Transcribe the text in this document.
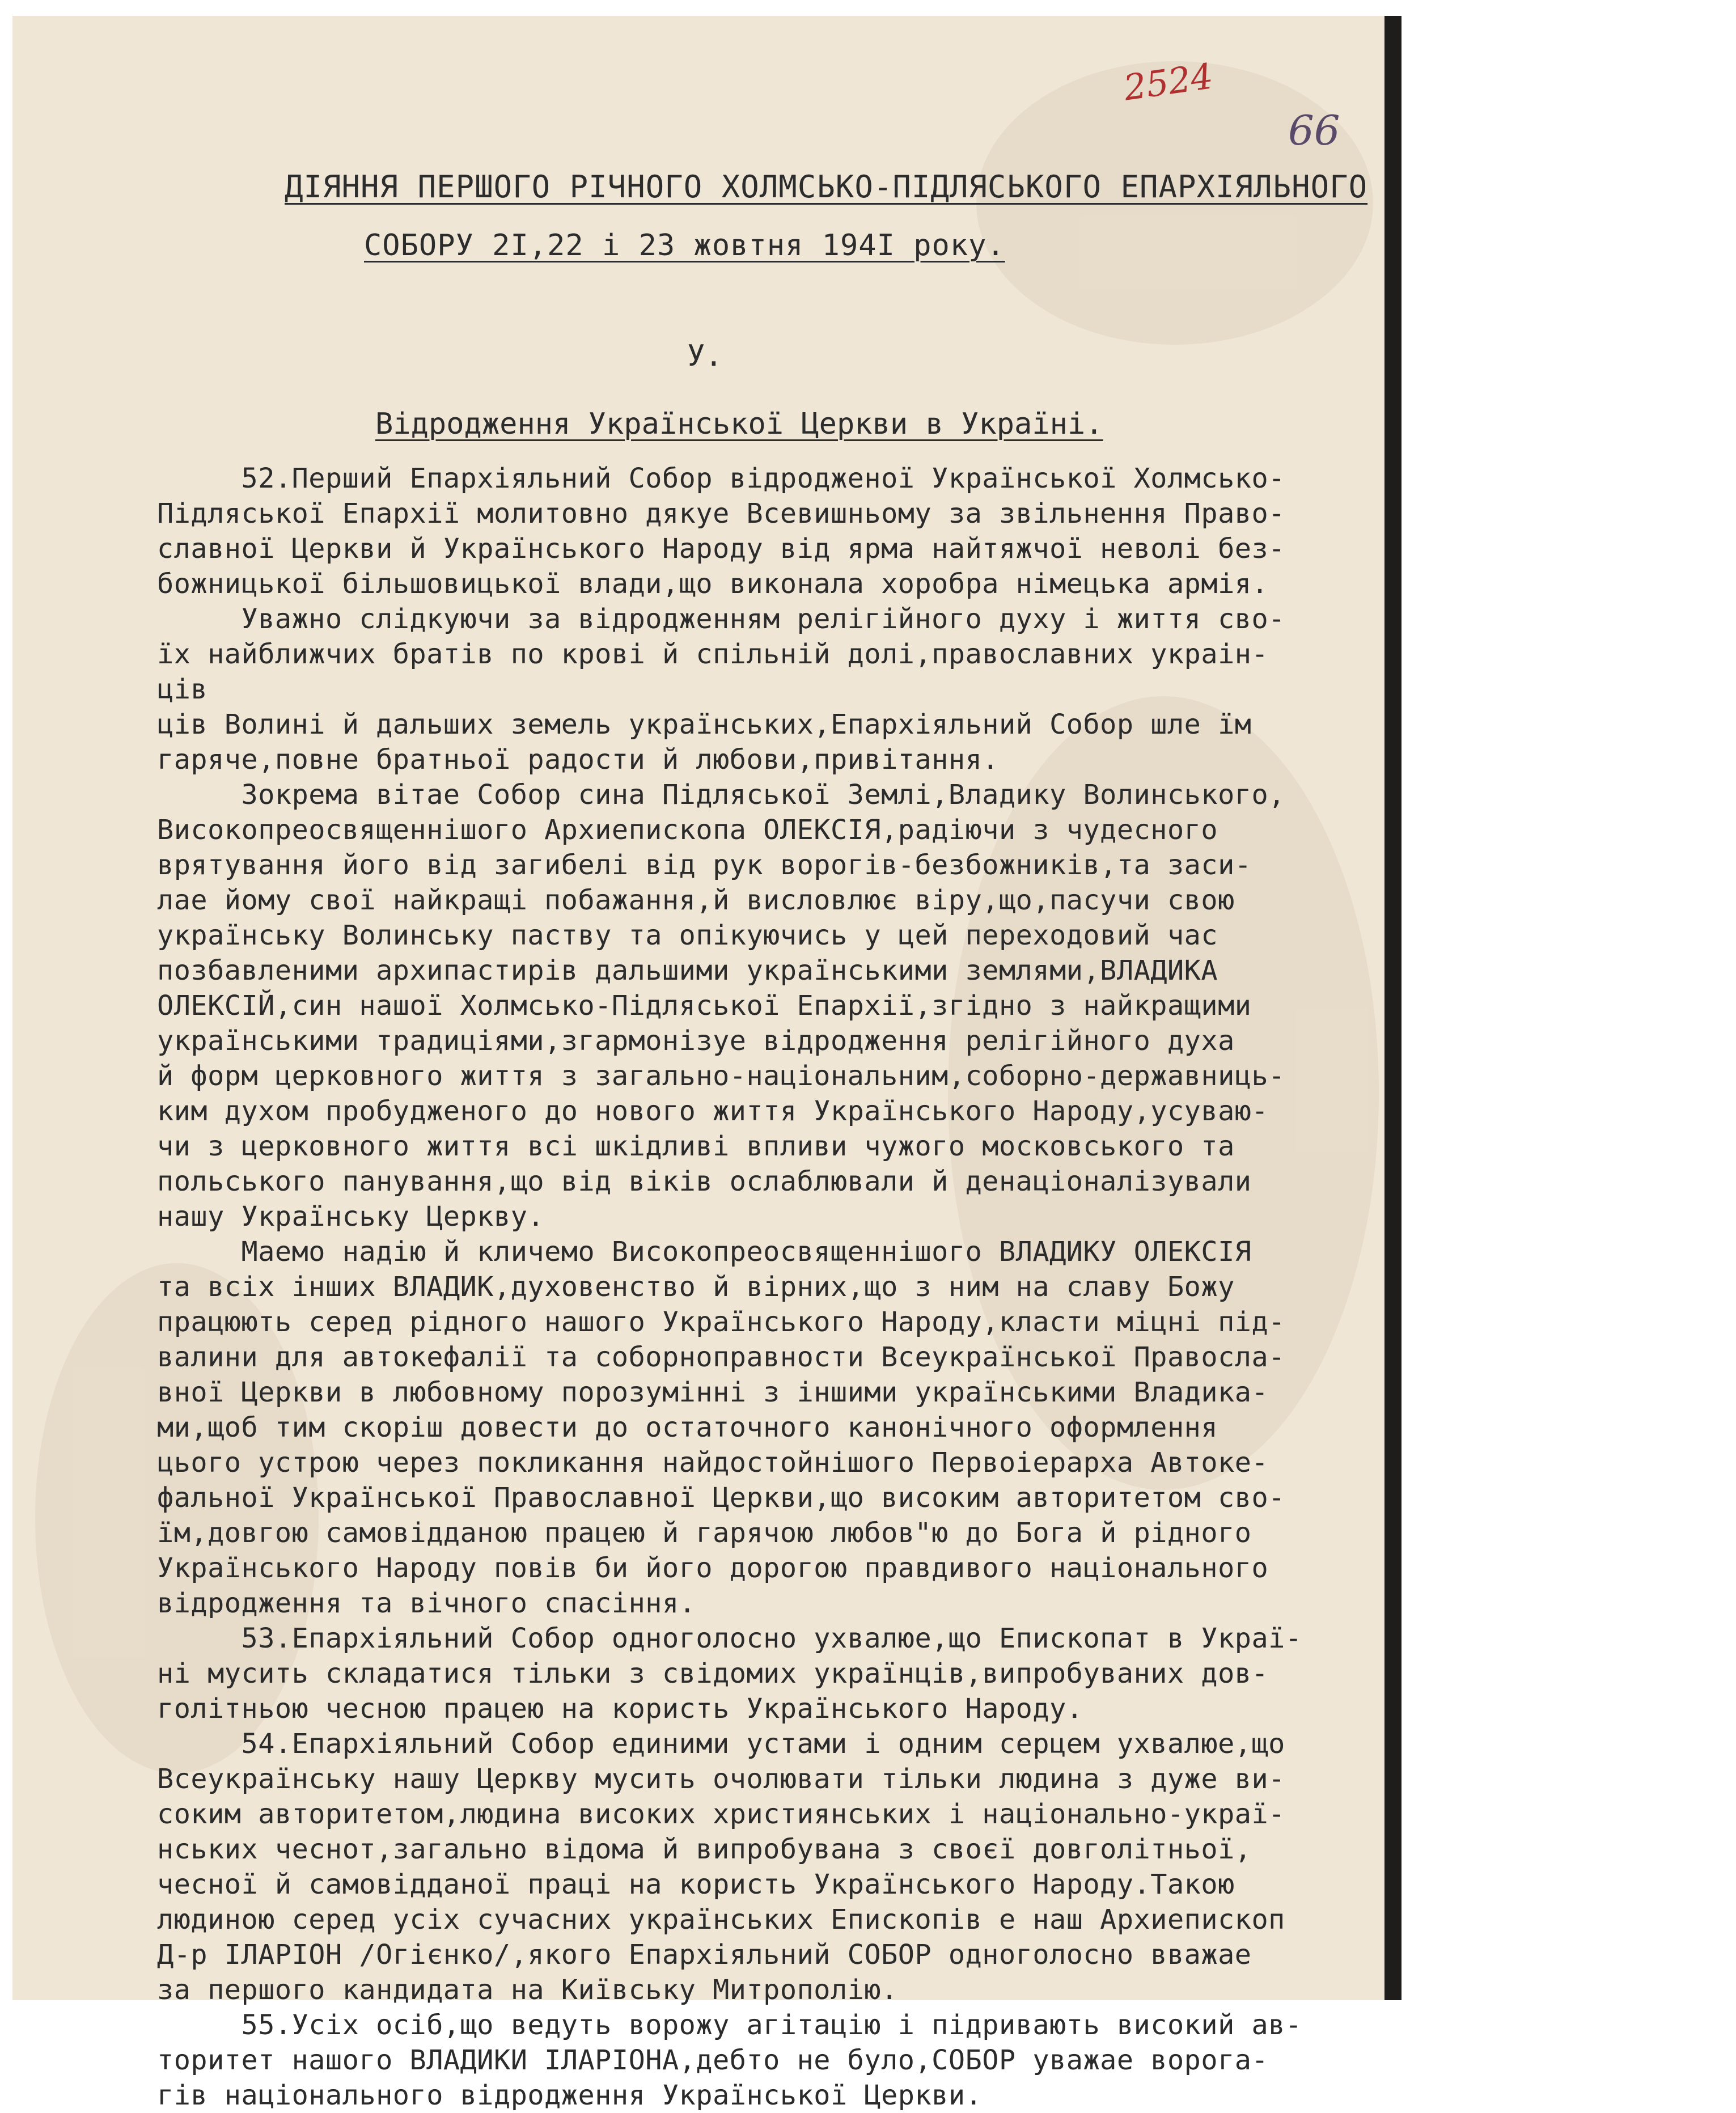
2524
66
ДІЯННЯ ПЕРШОГО РІЧНОГО ХОЛМСЬКО-ПІДЛЯСЬКОГО ЕПАРХІЯЛЬНОГО
СОБОРУ 2I,22 і 23 жовтня 194I року.
У.
Відродження Української Церкви в Україні.
52.Перший Епархіяльний Собор відродженої Української Холмсько-
Підляської Епархії молитовно дякуе Всевишньому за звільнення Право-
славної Церкви й Українського Народу від ярма найтяжчої неволі без-
божницької більшовицької влади,що виконала хоробра німецька армія.
Уважно слідкуючи за відродженням релігійного духу і життя сво-
їх найближчих братів по крові й спільній долі,православних украін-
ців
ців Волині й дальших земель українських,Епархіяльний Собор шле їм
гаряче,повне братньої радости й любови,привітання.
Зокрема вітае Собор сина Підляської Землі,Владику Волинського,
Високопреосвященнішого Архиепископа ОЛЕКСІЯ,радіючи з чудесного
врятування його від загибелі від рук ворогів-безбожників,та заси-
лае йому свої найкращі побажання,й висловлює віру,що,пасучи свою
українську Волинську паству та опікуючись у цей переходовий час
позбавленими архипастирів дальшими українськими землями,ВЛАДИКА
ОЛЕКСІЙ,син нашої Холмсько-Підляської Епархії,згідно з найкращими
українськими традиціями,згармонізуе відродження релігійного духа
й форм церковного життя з загально-національним,соборно-державниць-
ким духом пробудженого до нового життя Українського Народу,усуваю-
чи з церковного життя всі шкідливі впливи чужого московського та
польського панування,що від віків ослаблювали й денаціоналізували
нашу Українську Церкву.
Маемо надію й кличемо Високопреосвященнішого ВЛАДИКУ ОЛЕКСІЯ
та всіх інших ВЛАДИК,духовенство й вірних,що з ним на славу Божу
працюють серед рідного нашого Українського Народу,класти міцні під-
валини для автокефалії та соборноправности Всеукраїнської Правосла-
вної Церкви в любовному порозумінні з іншими українськими Владика-
ми,щоб тим скоріш довести до остаточного канонічного оформлення
цього устрою через покликання найдостойнішого Первоіерарха Автоке-
фальної Української Православної Церкви,що високим авторитетом сво-
їм,довгою самовідданою працею й гарячою любов"ю до Бога й рідного
Українського Народу повів би його дорогою правдивого національного
відродження та вічного спасіння.
53.Епархіяльний Собор одноголосно ухвалюе,що Епископат в Украї-
ні мусить складатися тільки з свідомих українців,випробуваних дов-
голітньою чесною працею на користь Українського Народу.
54.Епархіяльний Собор единими устами і одним серцем ухвалюе,що
Всеукраїнську нашу Церкву мусить очолювати тільки людина з дуже ви-
соким авторитетом,людина високих християнських і національно-украї-
нських чеснот,загально відома й випробувана з своєї довголітньої,
чесної й самовідданої праці на користь Українського Народу.Такою
людиною серед усіх сучасних українських Епископів е наш Архиепископ
Д-р ІЛАРІОН /Огієнко/,якого Епархіяльний СОБОР одноголосно вважае
за першого кандидата на Київську Митрополію.
55.Усіх осіб,що ведуть ворожу агітацію і підривають високий ав-
торитет нашого ВЛАДИКИ ІЛАРІОНА,дебто не було,СОБОР уважае ворога-
гів національного відродження Української Церкви.
